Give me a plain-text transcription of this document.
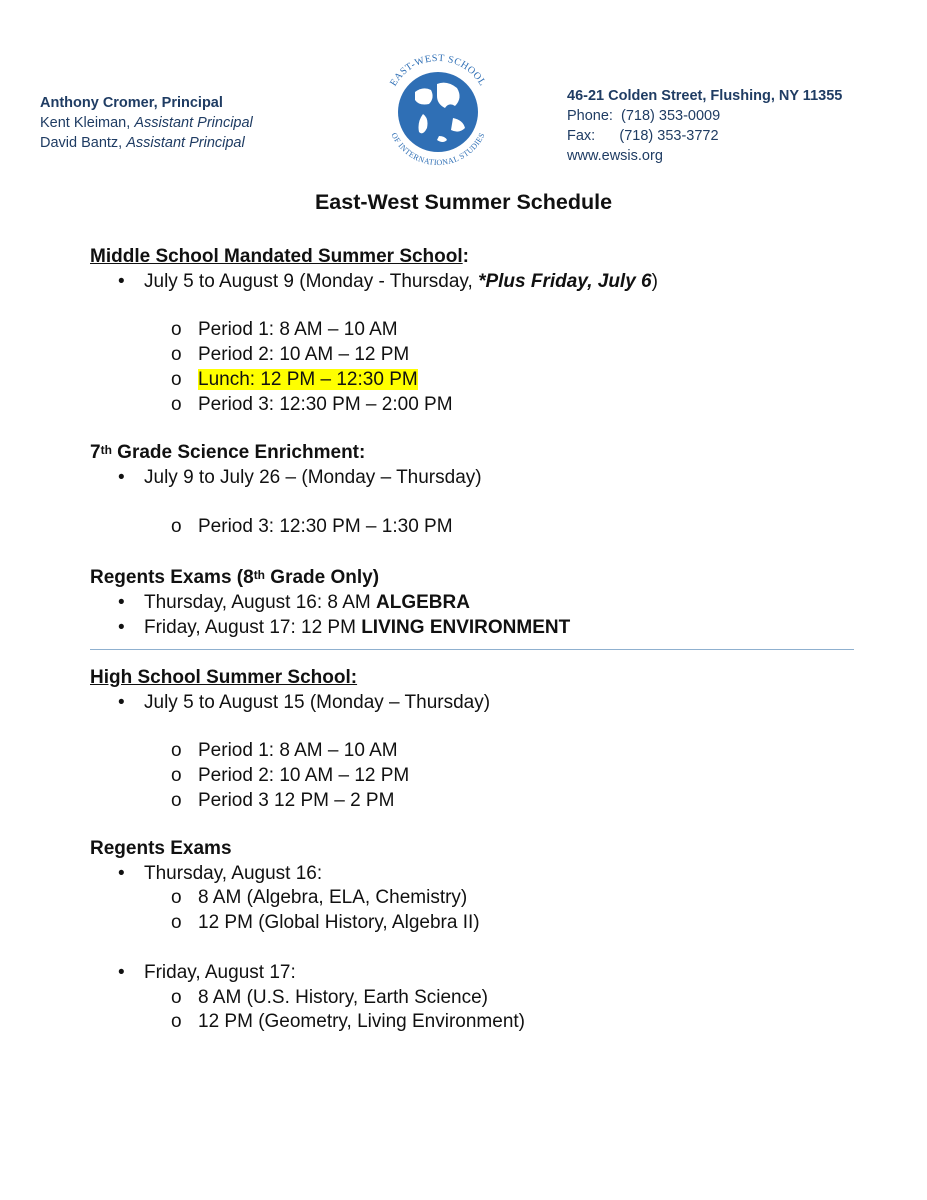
Anthony Cromer, Principal
Kent Kleiman, Assistant Principal
David Bantz, Assistant Principal
EAST-WEST SCHOOL
OF INTERNATIONAL STUDIES
46-21 Colden Street, Flushing, NY 11355
Phone: (718) 353-0009
Fax: (718) 353-3772
www.ewsis.org
East-West Summer Schedule
Middle School Mandated Summer School:
• July 5 to August 9 (Monday - Thursday, *Plus Friday, July 6)
o Period 1: 8 AM – 10 AM
o Period 2: 10 AM – 12 PM
o Lunch: 12 PM – 12:30 PM
o Period 3: 12:30 PM – 2:00 PM
7th Grade Science Enrichment:
• July 9 to July 26 – (Monday – Thursday)
o Period 3: 12:30 PM – 1:30 PM
Regents Exams (8th Grade Only)
• Thursday, August 16: 8 AM ALGEBRA
• Friday, August 17: 12 PM LIVING ENVIRONMENT
High School Summer School:
• July 5 to August 15 (Monday – Thursday)
o Period 1: 8 AM – 10 AM
o Period 2: 10 AM – 12 PM
o Period 3 12 PM – 2 PM
Regents Exams
• Thursday, August 16:
o 8 AM (Algebra, ELA, Chemistry)
o 12 PM (Global History, Algebra II)
• Friday, August 17:
o 8 AM (U.S. History, Earth Science)
o 12 PM (Geometry, Living Environment)
